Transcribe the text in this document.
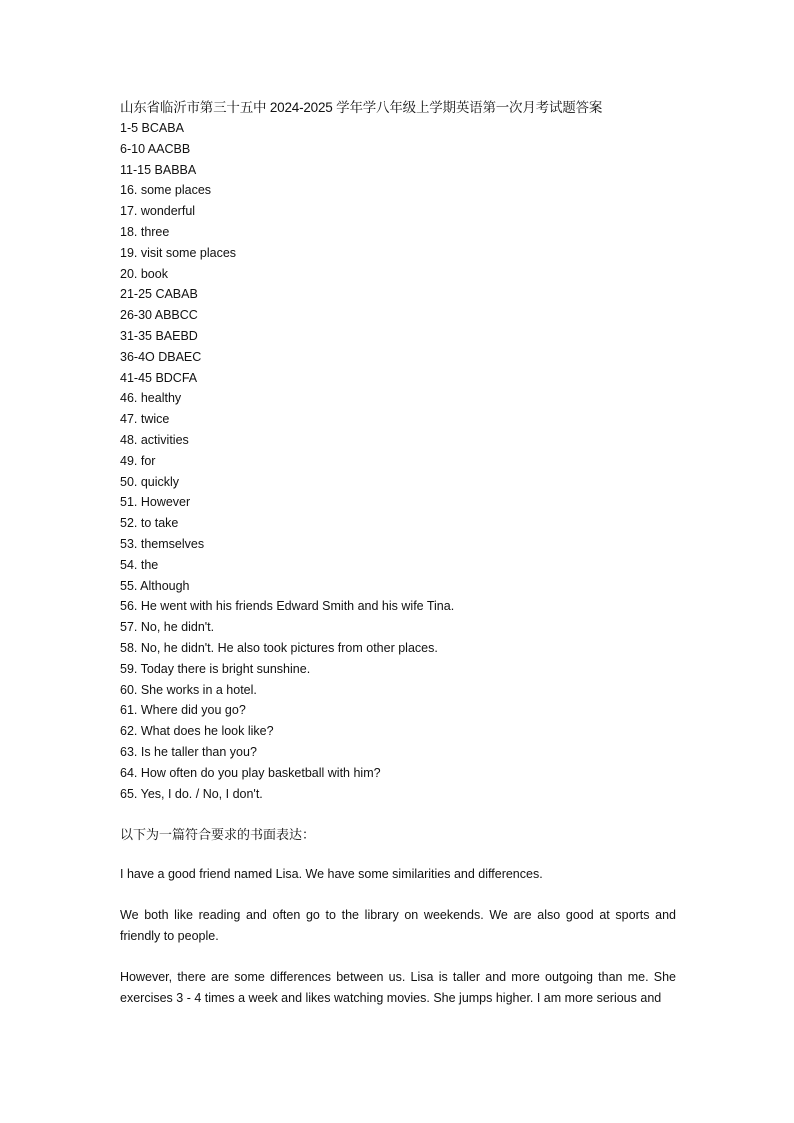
山东省临沂市第三十五中 2024-2025 学年学八年级上学期英语第一次月考试题答案
1-5 BCABA
6-10 AACBB
11-15 BABBA
16. some places
17. wonderful
18. three
19. visit some places
20. book
21-25 CABAB
26-30 ABBCC
31-35 BAEBD
36-4O DBAEC
41-45 BDCFA
46. healthy
47. twice
48. activities
49. for
50. quickly
51. However
52. to take
53. themselves
54. the
55. Although
56. He went with his friends Edward Smith and his wife Tina.
57. No, he didn't.
58. No, he didn't. He also took pictures from other places.
59. Today there is bright sunshine.
60. She works in a hotel.
61. Where did you go?
62. What does he look like?
63. Is he taller than you?
64. How often do you play basketball with him?
65. Yes, I do. / No, I don't.
以下为一篇符合要求的书面表达：

I have a good friend named Lisa. We have some similarities and differences.

We both like reading and often go to the library on weekends. We are also good at sports and friendly to people.

However, there are some differences between us. Lisa is taller and more outgoing than me. She exercises 3 - 4 times a week and likes watching movies. She jumps higher. I am more serious and
